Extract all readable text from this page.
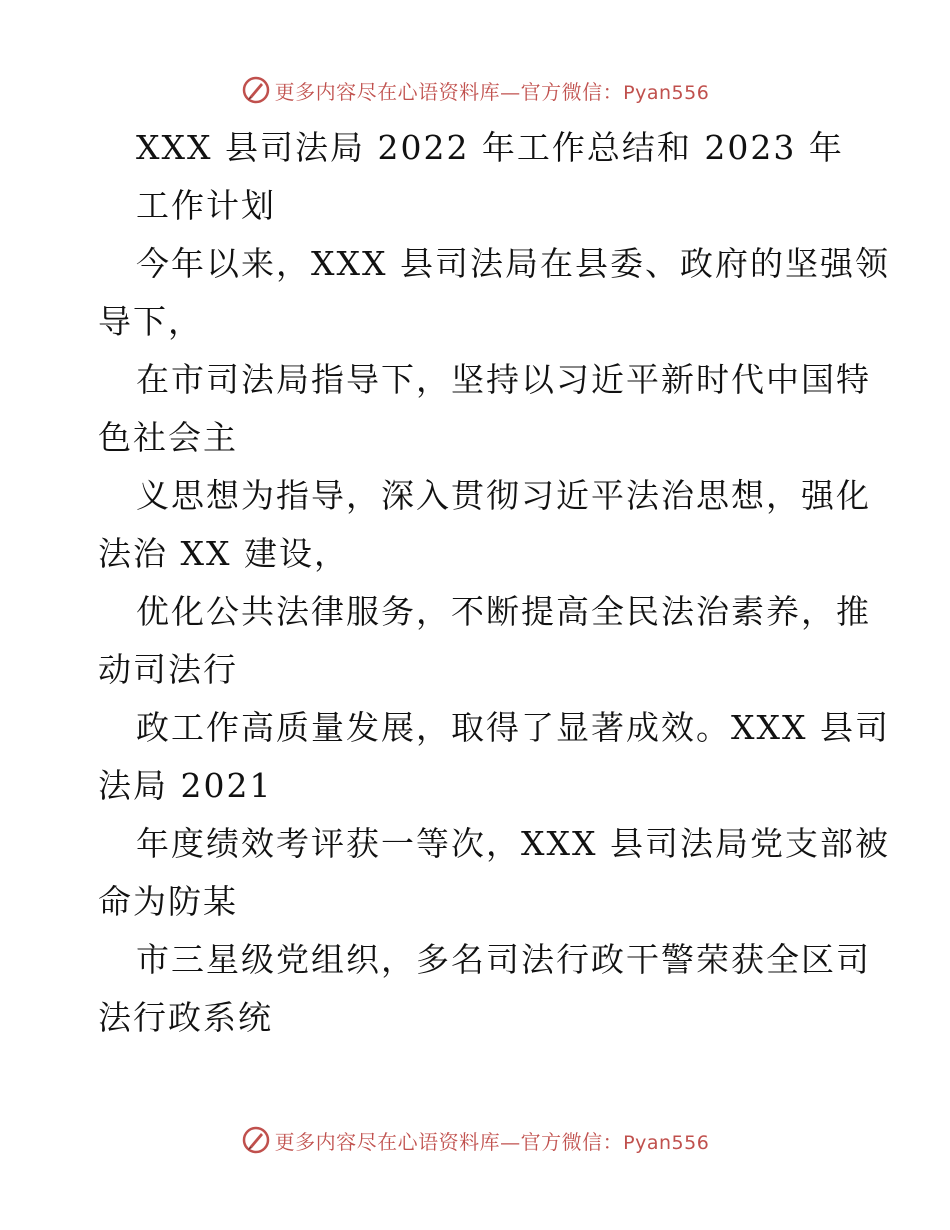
更多内容尽在心语资料库—官方微信：Pyan556
XXX 县司法局 2022 年工作总结和 2023 年
工作计划
今年以来，XXX 县司法局在县委、政府的坚强领
导下，
在市司法局指导下，坚持以习近平新时代中国特
色社会主
义思想为指导，深入贯彻习近平法治思想，强化
法治 XX 建设，
优化公共法律服务，不断提高全民法治素养，推
动司法行
政工作高质量发展，取得了显著成效。XXX 县司
法局 2021
年度绩效考评获一等次，XXX 县司法局党支部被
命为防某
市三星级党组织，多名司法行政干警荣获全区司
法行政系统
更多内容尽在心语资料库—官方微信：Pyan556
